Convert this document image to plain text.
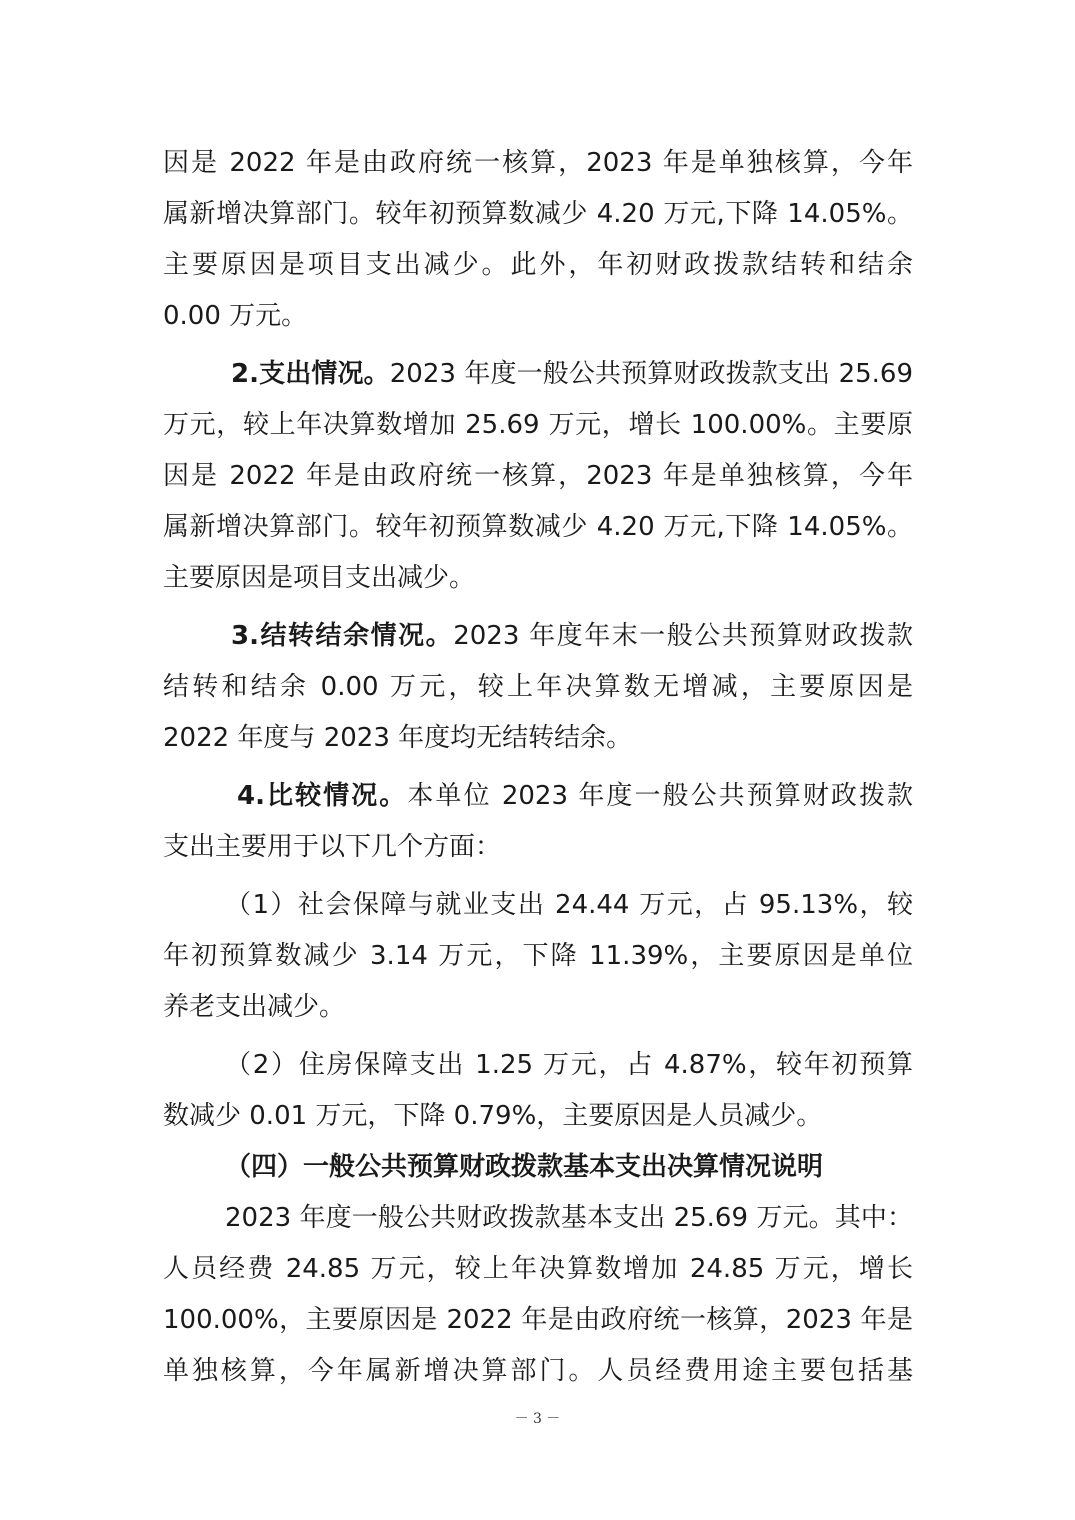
因是 2022 年是由政府统一核算，2023 年是单独核算，今年
属新增决算部门。较年初预算数减少 4.20 万元,下降 14.05%。
主要原因是项目支出减少。此外，年初财政拨款结转和结余
0.00 万元。
2.支出情况。2023 年度一般公共预算财政拨款支出 25.69
万元，较上年决算数增加 25.69 万元，增长 100.00%。主要原
因是 2022 年是由政府统一核算，2023 年是单独核算，今年
属新增决算部门。较年初预算数减少 4.20 万元,下降 14.05%。
主要原因是项目支出减少。
3.结转结余情况。2023 年度年末一般公共预算财政拨款
结转和结余 0.00 万元，较上年决算数无增减，主要原因是
2022 年度与 2023 年度均无结转结余。
4.比较情况。本单位 2023 年度一般公共预算财政拨款
支出主要用于以下几个方面：
（1）社会保障与就业支出 24.44 万元，占 95.13%，较
年初预算数减少 3.14 万元，下降 11.39%，主要原因是单位
养老支出减少。
（2）住房保障支出 1.25 万元，占 4.87%，较年初预算
数减少 0.01 万元，下降 0.79%，主要原因是人员减少。
（四）一般公共预算财政拨款基本支出决算情况说明
2023 年度一般公共财政拨款基本支出 25.69 万元。其中：
人员经费 24.85 万元，较上年决算数增加 24.85 万元，增长
100.00%，主要原因是 2022 年是由政府统一核算，2023 年是
单独核算，今年属新增决算部门。人员经费用途主要包括基
－ 3 －
